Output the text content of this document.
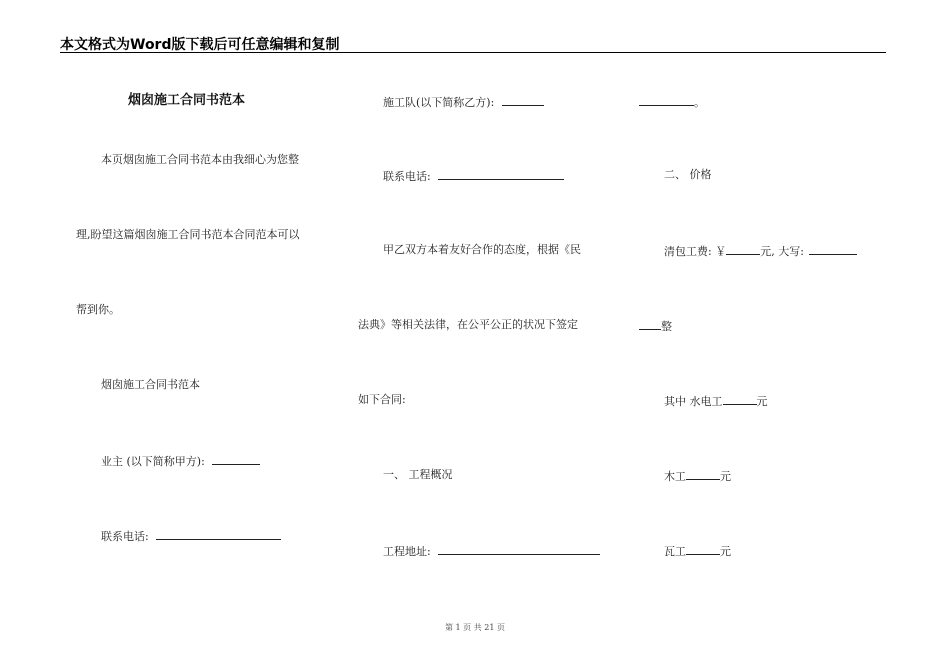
本文格式为Word版下载后可任意编辑和复制
烟囱施工合同书范本
本页烟囱施工合同书范本由我细心为您整
理,盼望这篇烟囱施工合同书范本合同范本可以
帮到你。
烟囱施工合同书范本
业主 (以下简称甲方):
联系电话:
施工队(以下简称乙方):
联系电话:
甲乙双方本着友好合作的态度，根据《民
法典》等相关法律，在公平公正的状况下签定
如下合同:
一、 工程概况
工程地址:
。
二、 价格
清包工费: ￥	元, 大写:
整
其中 水电工	元
木工	元
瓦工	元
第 1 页 共 21 页
